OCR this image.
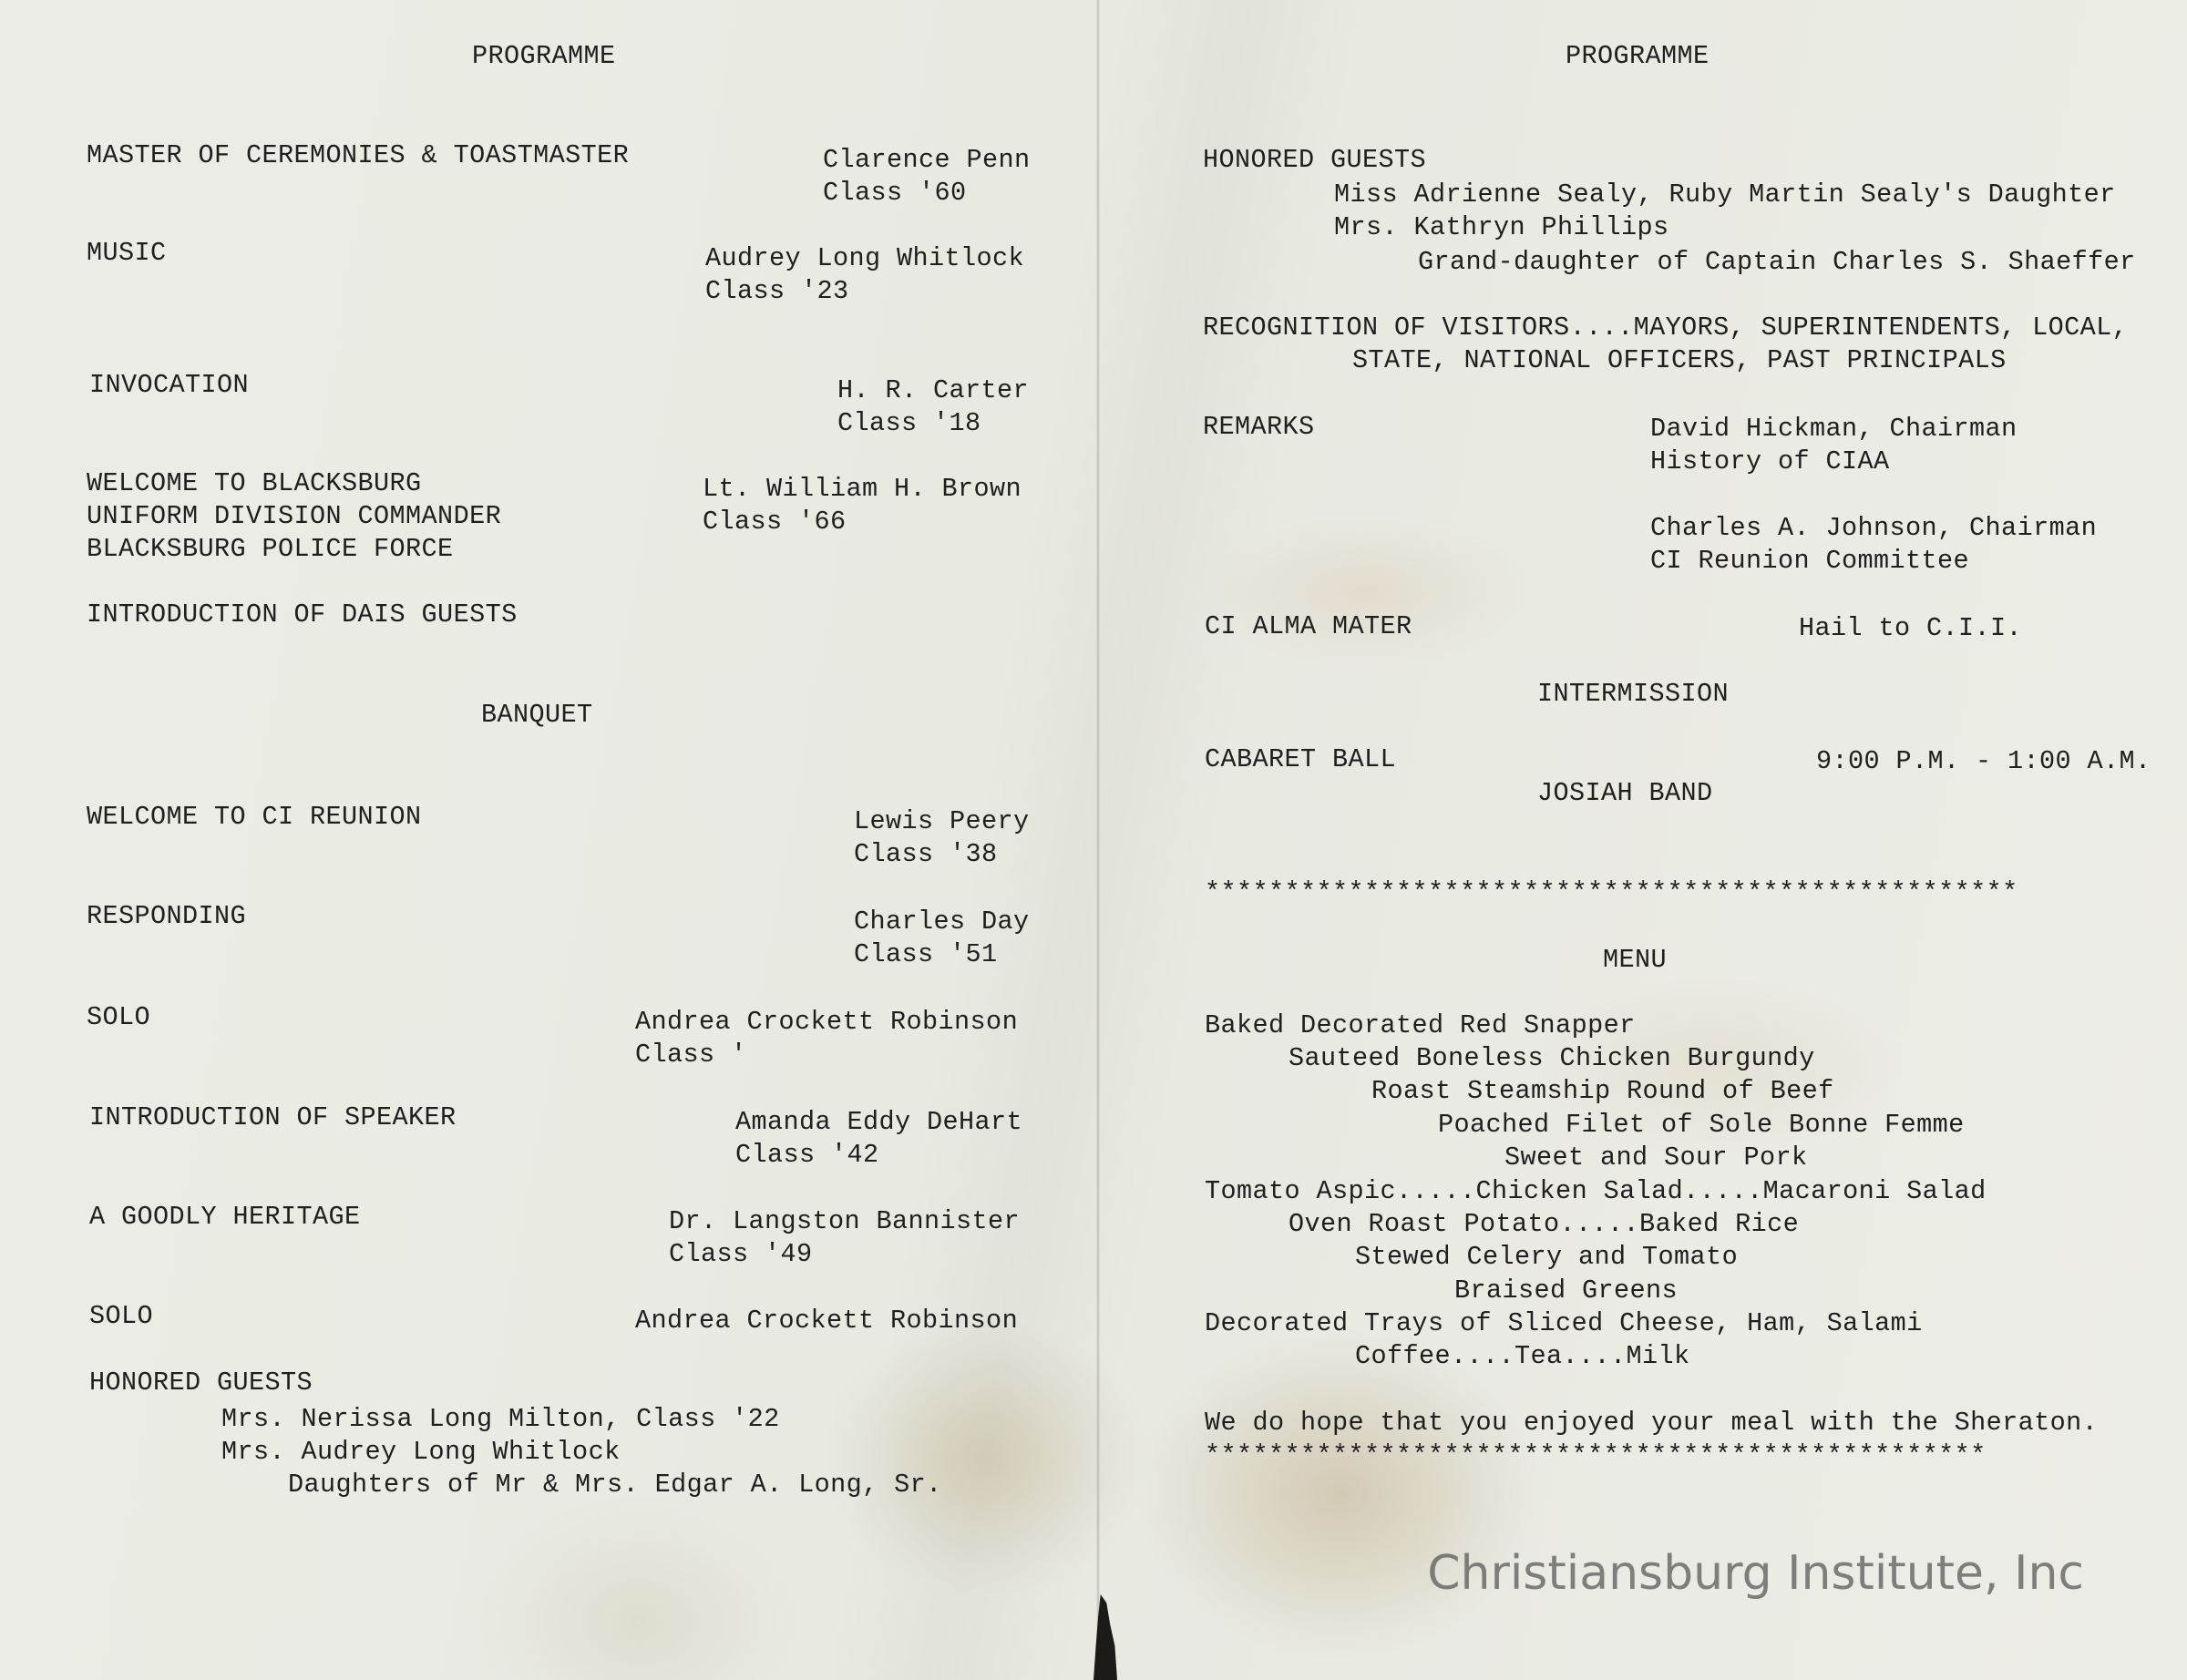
PROGRAMME
MASTER OF CEREMONIES & TOASTMASTER	Clarence Penn
Class '60
MUSIC	Audrey Long Whitlock
Class '23
INVOCATION	H. R. Carter
Class '18
WELCOME TO BLACKSBURG
UNIFORM DIVISION COMMANDER
BLACKSBURG POLICE FORCE
Lt. William H. Brown
Class '66
INTRODUCTION OF DAIS GUESTS
BANQUET
WELCOME TO CI REUNION	Lewis Peery
Class '38
RESPONDING	Charles Day
Class '51
SOLO	Andrea Crockett Robinson
Class '
INTRODUCTION OF SPEAKER	Amanda Eddy DeHart
Class '42
A GOODLY HERITAGE	Dr. Langston Bannister
Class '49
SOLO	Andrea Crockett Robinson
HONORED GUESTS
Mrs. Nerissa Long Milton, Class '22
Mrs. Audrey Long Whitlock
Daughters of Mr & Mrs. Edgar A. Long, Sr.
PROGRAMME
HONORED GUESTS
Miss Adrienne Sealy, Ruby Martin Sealy's Daughter
Mrs. Kathryn Phillips
Grand-daughter of Captain Charles S. Shaeffer
RECOGNITION OF VISITORS....MAYORS, SUPERINTENDENTS, LOCAL,
STATE, NATIONAL OFFICERS, PAST PRINCIPALS
REMARKS	David Hickman, Chairman
History of CIAA
Charles A. Johnson, Chairman
CI Reunion Committee
CI ALMA MATER	Hail to C.I.I.
INTERMISSION
CABARET BALL	9:00 P.M. - 1:00 A.M.
JOSIAH BAND
***************************************************
MENU
Baked Decorated Red Snapper
Sauteed Boneless Chicken Burgundy
Roast Steamship Round of Beef
Poached Filet of Sole Bonne Femme
Sweet and Sour Pork
Tomato Aspic.....Chicken Salad.....Macaroni Salad
Oven Roast Potato.....Baked Rice
Stewed Celery and Tomato
Braised Greens
Decorated Trays of Sliced Cheese, Ham, Salami
Coffee....Tea....Milk
We do hope that you enjoyed your meal with the Sheraton.
*************************************************
Christiansburg Institute, Inc
